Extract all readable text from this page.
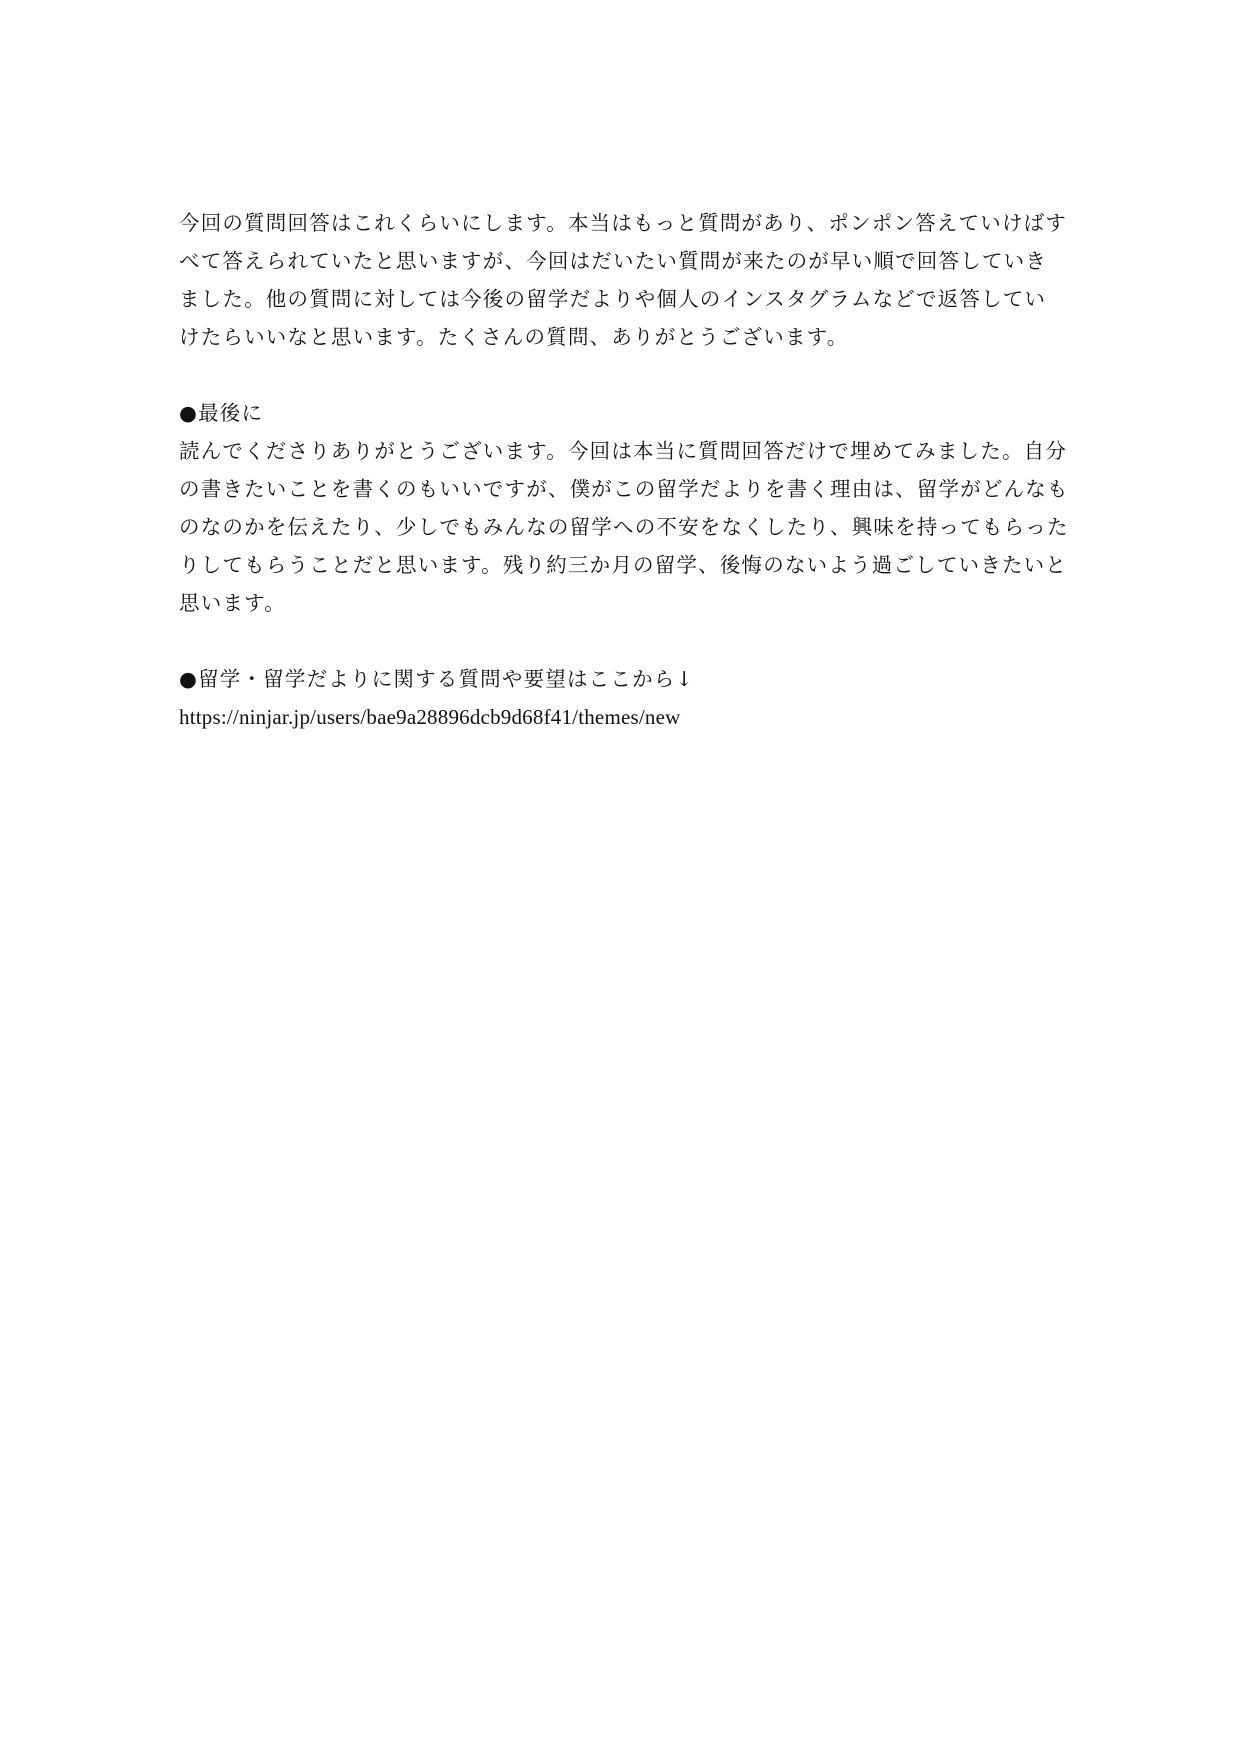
今回の質問回答はこれくらいにします。本当はもっと質問があり、ポンポン答えていけばす

べて答えられていたと思いますが、今回はだいたい質問が来たのが早い順で回答していき

ました。他の質問に対しては今後の留学だよりや個人のインスタグラムなどで返答してい

けたらいいなと思います。たくさんの質問、ありがとうございます。

●最後に

読んでくださりありがとうございます。今回は本当に質問回答だけで埋めてみました。自分

の書きたいことを書くのもいいですが、僕がこの留学だよりを書く理由は、留学がどんなも

のなのかを伝えたり、少しでもみんなの留学への不安をなくしたり、興味を持ってもらった

りしてもらうことだと思います。残り約三か月の留学、後悔のないよう過ごしていきたいと

思います。

●留学・留学だよりに関する質問や要望はここから↓

https://ninjar.jp/users/bae9a28896dcb9d68f41/themes/new
